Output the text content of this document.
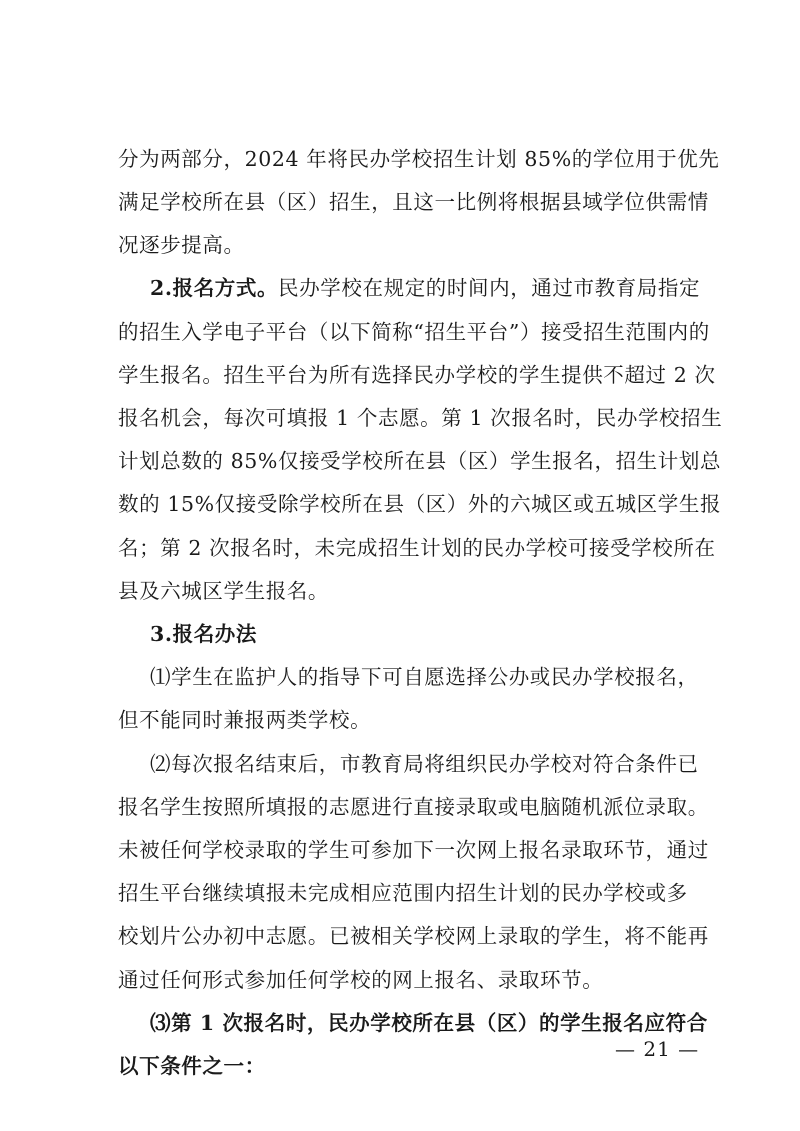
分为两部分，2024 年将民办学校招生计划 85%的学位用于优先
满足学校所在县（区）招生，且这一比例将根据县域学位供需情
况逐步提高。
2.报名方式。民办学校在规定的时间内，通过市教育局指定
的招生入学电子平台（以下简称“招生平台”）接受招生范围内的
学生报名。招生平台为所有选择民办学校的学生提供不超过 2 次
报名机会，每次可填报 1 个志愿。第 1 次报名时，民办学校招生
计划总数的 85%仅接受学校所在县（区）学生报名，招生计划总
数的 15%仅接受除学校所在县（区）外的六城区或五城区学生报
名；第 2 次报名时，未完成招生计划的民办学校可接受学校所在
县及六城区学生报名。
3.报名办法
⑴学生在监护人的指导下可自愿选择公办或民办学校报名，
但不能同时兼报两类学校。
⑵每次报名结束后，市教育局将组织民办学校对符合条件已
报名学生按照所填报的志愿进行直接录取或电脑随机派位录取。
未被任何学校录取的学生可参加下一次网上报名录取环节，通过
招生平台继续填报未完成相应范围内招生计划的民办学校或多
校划片公办初中志愿。已被相关学校网上录取的学生，将不能再
通过任何形式参加任何学校的网上报名、录取环节。
⑶第 1 次报名时，民办学校所在县（区）的学生报名应符合
以下条件之一：
— 21 —
